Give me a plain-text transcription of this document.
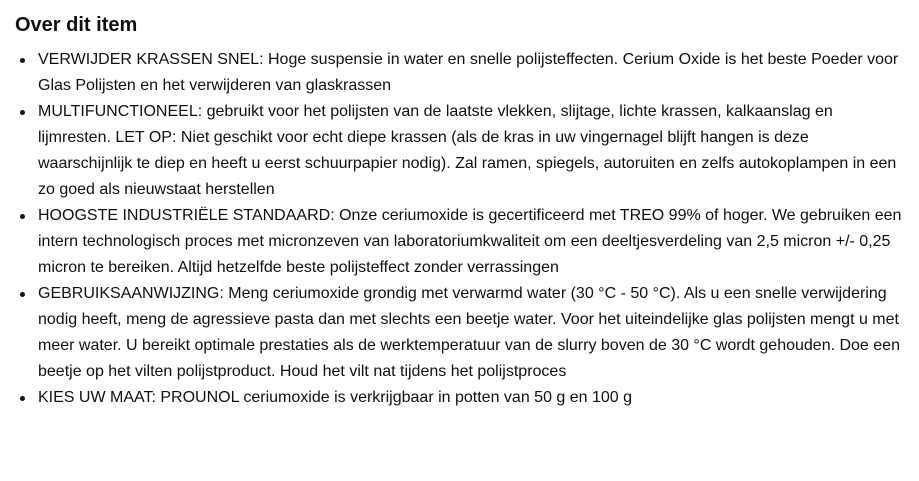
Over dit item
VERWIJDER KRASSEN SNEL: Hoge suspensie in water en snelle polijsteffecten. Cerium Oxide is het beste Poeder voor Glas Polijsten en het verwijderen van glaskrassen
MULTIFUNCTIONEEL: gebruikt voor het polijsten van de laatste vlekken, slijtage, lichte krassen, kalkaanslag en lijmresten. LET OP: Niet geschikt voor echt diepe krassen (als de kras in uw vingernagel blijft hangen is deze waarschijnlijk te diep en heeft u eerst schuurpapier nodig). Zal ramen, spiegels, autoruiten en zelfs autokoplampen in een zo goed als nieuwstaat herstellen
HOOGSTE INDUSTRIËLE STANDAARD: Onze ceriumoxide is gecertificeerd met TREO 99% of hoger. We gebruiken een intern technologisch proces met micronzeven van laboratoriumkwaliteit om een deeltjesverdeling van 2,5 micron +/- 0,25 micron te bereiken. Altijd hetzelfde beste polijsteffect zonder verrassingen
GEBRUIKSAANWIJZING: Meng ceriumoxide grondig met verwarmd water (30 °C - 50 °C). Als u een snelle verwijdering nodig heeft, meng de agressieve pasta dan met slechts een beetje water. Voor het uiteindelijke glas polijsten mengt u met meer water. U bereikt optimale prestaties als de werktemperatuur van de slurry boven de 30 °C wordt gehouden. Doe een beetje op het vilten polijstproduct. Houd het vilt nat tijdens het polijstproces
KIES UW MAAT: PROUNOL ceriumoxide is verkrijgbaar in potten van 50 g en 100 g
